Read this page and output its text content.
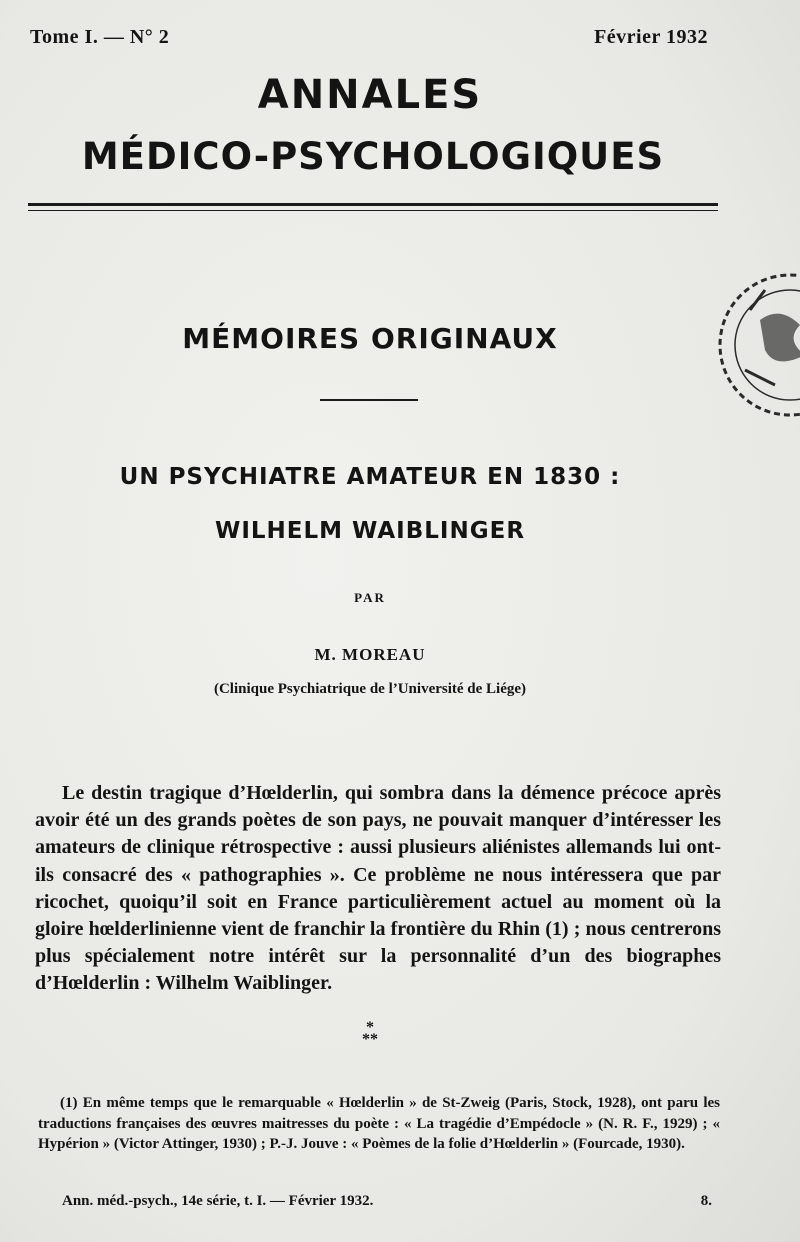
Tome I. — N° 2	Février 1932
ANNALES
MÉDICO-PSYCHOLOGIQUES
MÉMOIRES ORIGINAUX
UN PSYCHIATRE AMATEUR EN 1830 :
WILHELM WAIBLINGER
PAR
M. MOREAU
(Clinique Psychiatrique de l’Université de Liége)

Le destin tragique d’Hœlderlin, qui sombra dans la démence précoce après avoir été un des grands poètes de son pays, ne pouvait manquer d’intéresser les amateurs de clinique rétrospective : aussi plusieurs aliénistes allemands lui ont-ils consacré des « pathographies ». Ce problème ne nous intéressera que par ricochet, quoiqu’il soit en France particulièrement actuel au moment où la gloire hœlderlinienne vient de franchir la frontière du Rhin (1) ; nous centrerons plus spécialement notre intérêt sur la personnalité d’un des biographes d’Hœlderlin : Wilhelm Waiblinger.

*
**

(1) En même temps que le remarquable « Hœlderlin » de St-Zweig (Paris, Stock, 1928), ont paru les traductions françaises des œuvres maitresses du poète : « La tragédie d’Empédocle » (N. R. F., 1929) ; « Hypérion » (Victor Attinger, 1930) ; P.-J. Jouve : « Poèmes de la folie d’Hœlderlin » (Fourcade, 1930).

Ann. méd.-psych., 14e série, t. I. — Février 1932.	8.
